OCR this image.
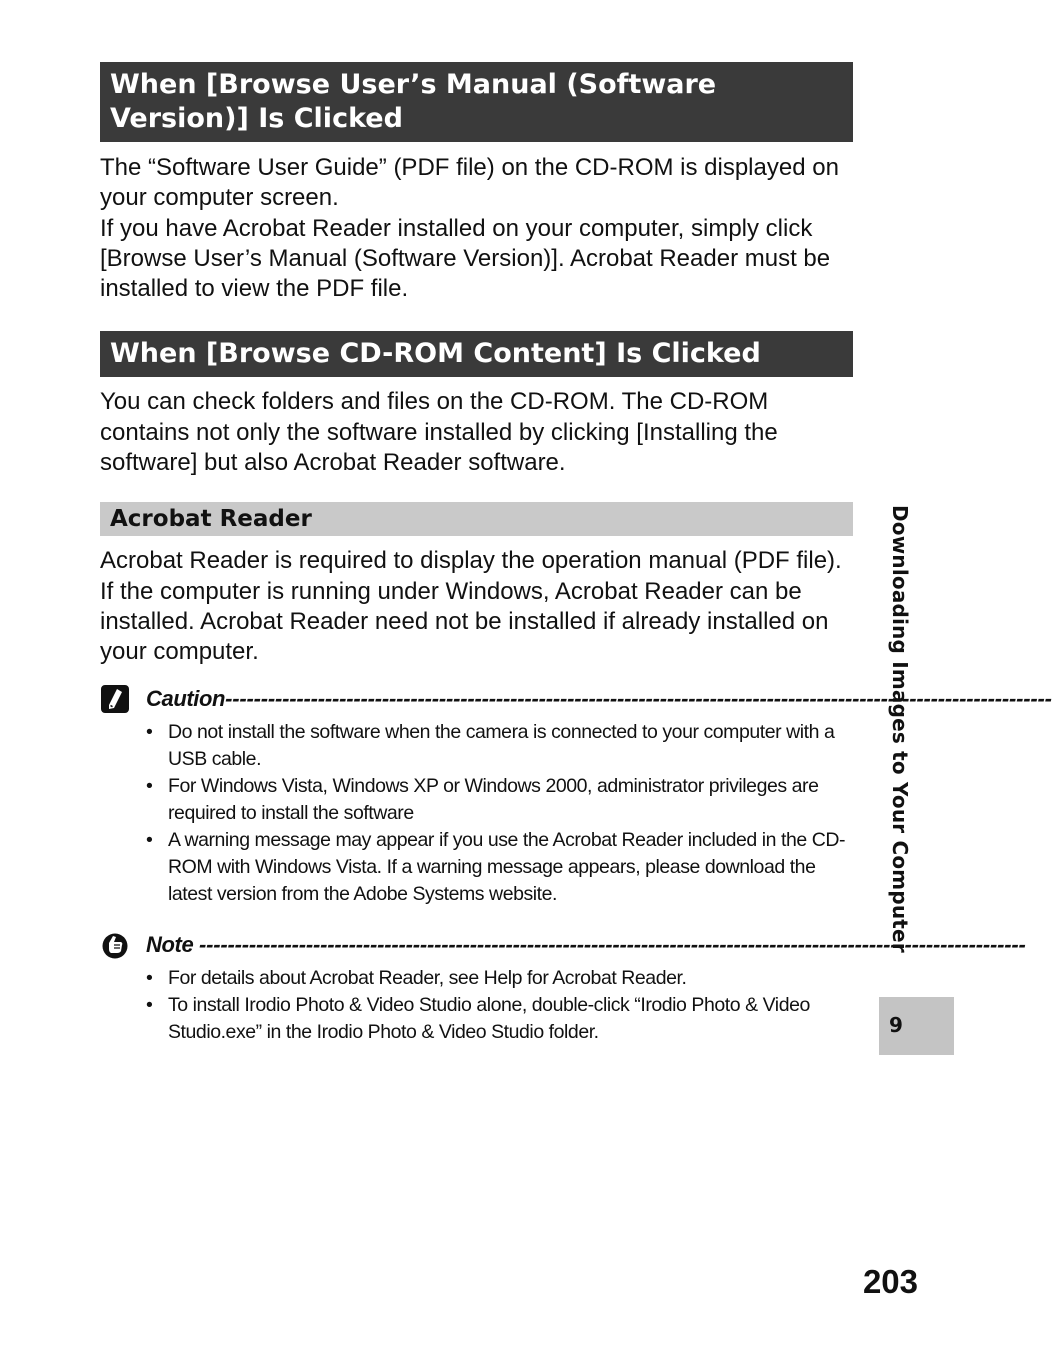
When [Browse User’s Manual (Software Version)] Is Clicked

The “Software User Guide” (PDF file) on the CD-ROM is displayed on your computer screen.

If you have Acrobat Reader installed on your computer, simply click [Browse User’s Manual (Software Version)]. Acrobat Reader must be installed to view the PDF file.

When [Browse CD-ROM Content] Is Clicked

You can check folders and files on the CD-ROM. The CD-ROM contains not only the software installed by clicking [Installing the software] but also Acrobat Reader software.

Acrobat Reader

Acrobat Reader is required to display the operation manual (PDF file). If the computer is running under Windows, Acrobat Reader can be installed. Acrobat Reader need not be installed if already installed on your computer.

Caution--------------------------------------------------------------------------------------------------------------------
• Do not install the software when the camera is connected to your computer with a USB cable.
• For Windows Vista, Windows XP or Windows 2000, administrator privileges are required to install the software
• A warning message may appear if you use the Acrobat Reader included in the CD-ROM with Windows Vista. If a warning message appears, please download the latest version from the Adobe Systems website.
Note --------------------------------------------------------------------------------------------------------------------
• For details about Acrobat Reader, see Help for Acrobat Reader.
• To install Irodio Photo & Video Studio alone, double-click “Irodio Photo & Video Studio.exe” in the Irodio Photo & Video Studio folder.
Downloading Images to Your Computer
9
203
